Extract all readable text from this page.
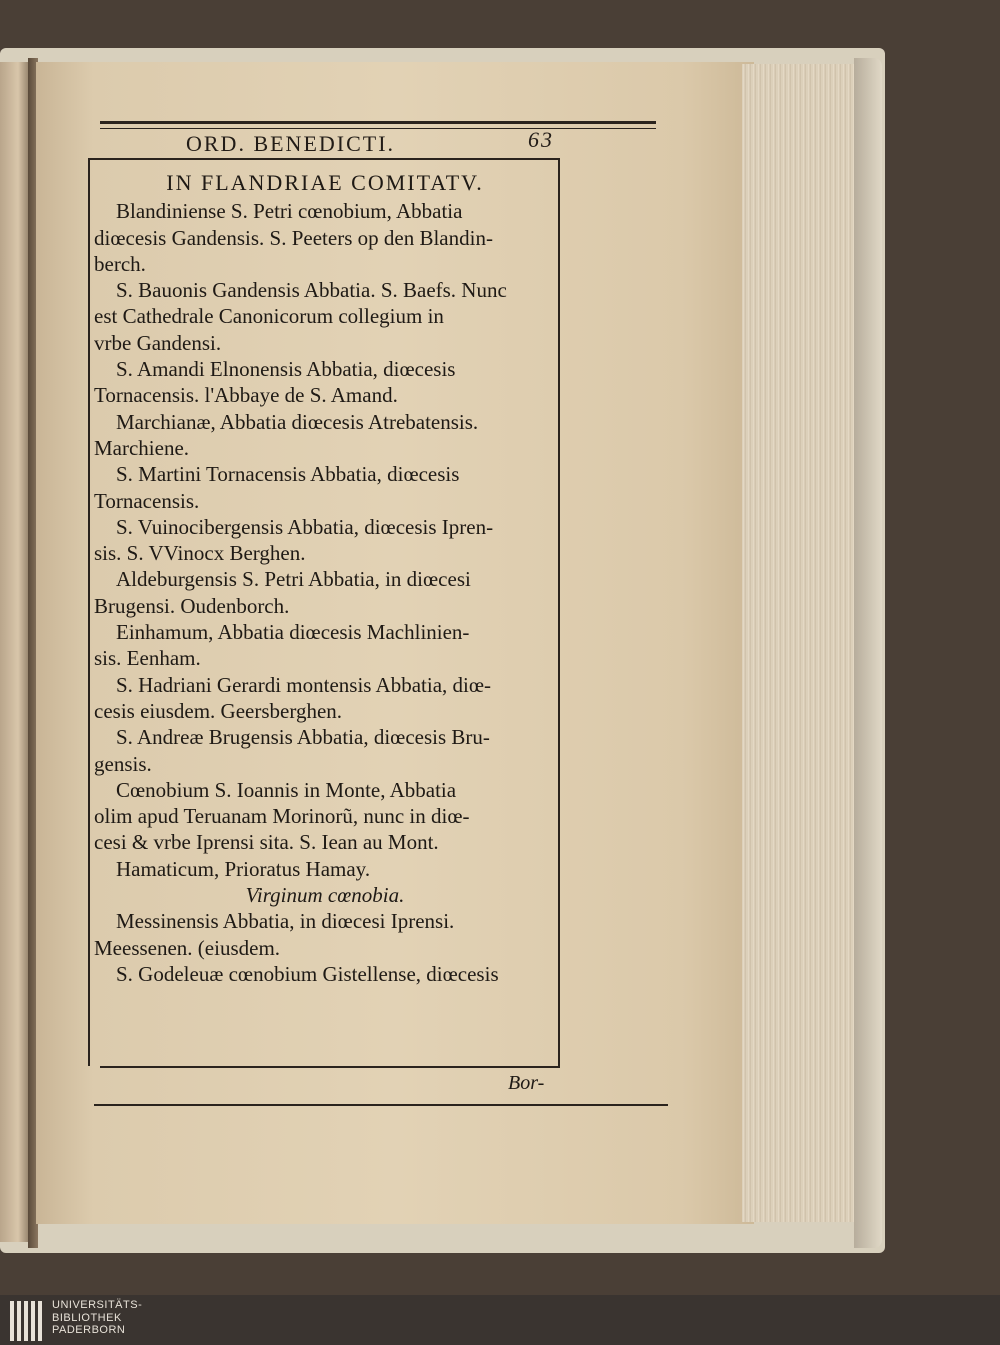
ORD. BENEDICTI.	63
IN FLANDRIAE COMITATV.
Blandiniense S. Petri cœnobium, Abbatia
diœcesis Gandensis. S. Peeters op den Blandin-
berch.
S. Bauonis Gandensis Abbatia. S. Baefs. Nunc
est Cathedrale Canonicorum collegium in
vrbe Gandensi.
S. Amandi Elnonensis Abbatia, diœcesis
Tornacensis. l'Abbaye de S. Amand.
Marchianæ, Abbatia diœcesis Atrebatensis.
Marchiene.
S. Martini Tornacensis Abbatia, diœcesis
Tornacensis.
S. Vuinocibergensis Abbatia, diœcesis Ipren-
sis. S. VVinocx Berghen.
Aldeburgensis S. Petri Abbatia, in diœcesi
Brugensi. Oudenborch.
Einhamum, Abbatia diœcesis Machlinien-
sis. Eenham.
S. Hadriani Gerardi montensis Abbatia, diœ-
cesis eiusdem. Geersberghen.
S. Andreæ Brugensis Abbatia, diœcesis Bru-
gensis.
Cœnobium S. Ioannis in Monte, Abbatia
olim apud Teruanam Morinorũ, nunc in diœ-
cesi & vrbe Iprensi sita. S. Iean au Mont.
Hamaticum, Prioratus Hamay.
Virginum cœnobia.
Messinensis Abbatia, in diœcesi Iprensi.
Meessenen. (eiusdem.
S. Godeleuæ cœnobium Gistellense, diœcesis
Bor-
UNIVERSITÄTS-
BIBLIOTHEK
PADERBORN
